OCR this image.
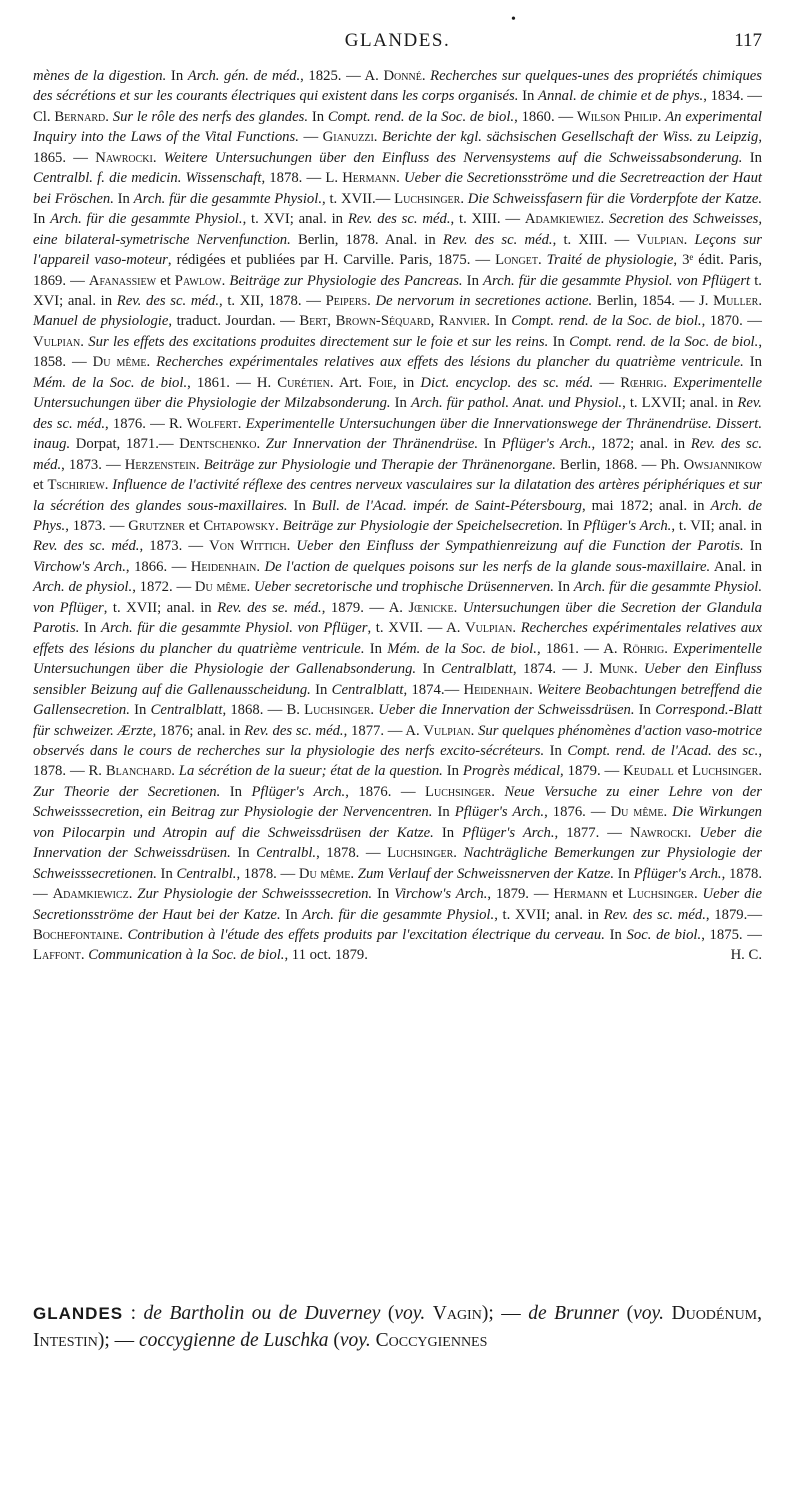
•
GLANDES.	117
mènes de la digestion. In Arch. gén. de méd., 1825. — A. Donné. Recherches sur quelques-unes des propriétés chimiques des sécrétions et sur les courants électriques qui existent dans les corps organisés. In Annal. de chimie et de phys., 1834. — Cl. Bernard. Sur le rôle des nerfs des glandes. In Compt. rend. de la Soc. de biol., 1860. — Wilson Philip. An experimental Inquiry into the Laws of the Vital Functions. — Gianuzzi. Berichte der kgl. sächsischen Gesellschaft der Wiss. zu Leipzig, 1865. — Nawrocki. Weitere Untersuchungen über den Einfluss des Nervensystems auf die Schweissabsonderung. In Centralbl. f. die medicin. Wissenschaft, 1878. — L. Hermann. Ueber die Secretionsströme und die Secretreaction der Haut bei Fröschen. In Arch. für die gesammte Physiol., t. XVII.— Luchsinger. Die Schweissfasern für die Vorderpfote der Katze. In Arch. für die gesammte Physiol., t. XVI; anal. in Rev. des sc. méd., t. XIII. — Adamkiewiez. Secretion des Schweisses, eine bilateral-symetrische Nervenfunction. Berlin, 1878. Anal. in Rev. des sc. méd., t. XIII. — Vulpian. Leçons sur l'appareil vaso-moteur, rédigées et publiées par H. Carville. Paris, 1875. — Longet. Traité de physiologie, 3ᵉ édit. Paris, 1869. — Afanassiew et Pawlow. Beiträge zur Physiologie des Pancreas. In Arch. für die gesammte Physiol. von Pflügert t. XVI; anal. in Rev. des sc. méd., t. XII, 1878. — Peipers. De nervorum in secretiones actione. Berlin, 1854. — J. Muller. Manuel de physiologie, traduct. Jourdan. — Bert, Brown-Séquard, Ranvier. In Compt. rend. de la Soc. de biol., 1870. — Vulpian. Sur les effets des excitations produites directement sur le foie et sur les reins. In Compt. rend. de la Soc. de biol., 1858. — Du même. Recherches expérimentales relatives aux effets des lésions du plancher du quatrième ventricule. In Mém. de la Soc. de biol., 1861. — H. Curétien. Art. Foie, in Dict. encyclop. des sc. méd. — Rœhrig. Experimentelle Untersuchungen über die Physiologie der Milzabsonderung. In Arch. für pathol. Anat. und Physiol., t. LXVII; anal. in Rev. des sc. méd., 1876. — R. Wolfert. Experimentelle Untersuchungen über die Innervationswege der Thränendrüse. Dissert. inaug. Dorpat, 1871.— Dentschenko. Zur Innervation der Thränendrüse. In Pflüger's Arch., 1872; anal. in Rev. des sc. méd., 1873. — Herzenstein. Beiträge zur Physiologie und Therapie der Thränenorgane. Berlin, 1868. — Ph. Owsjannikow et Tschiriew. Influence de l'activité réflexe des centres nerveux vasculaires sur la dilatation des artères périphériques et sur la sécrétion des glandes sous-maxillaires. In Bull. de l'Acad. impér. de Saint-Pétersbourg, mai 1872; anal. in Arch. de Phys., 1873. — Grutzner et Chtapowsky. Beiträge zur Physiologie der Speichelsecretion. In Pflüger's Arch., t. VII; anal. in Rev. des sc. méd., 1873. — Von Wittich. Ueber den Einfluss der Sympathienreizung auf die Function der Parotis. In Virchow's Arch., 1866. — Heidenhain. De l'action de quelques poisons sur les nerfs de la glande sous-maxillaire. Anal. in Arch. de physiol., 1872. — Du même. Ueber secretorische und trophische Drüsennerven. In Arch. für die gesammte Physiol. von Pflüger, t. XVII; anal. in Rev. des se. méd., 1879. — A. Jœnicke. Untersuchungen über die Secretion der Glandula Parotis. In Arch. für die gesammte Physiol. von Pflüger, t. XVII. — A. Vulpian. Recherches expérimentales relatives aux effets des lésions du plancher du quatrième ventricule. In Mém. de la Soc. de biol., 1861. — A. Röhrig. Experimentelle Untersuchungen über die Physiologie der Gallenabsonderung. In Centralblatt, 1874. — J. Munk. Ueber den Einfluss sensibler Beizung auf die Gallenausscheidung. In Centralblatt, 1874.— Heidenhain. Weitere Beobachtungen betreffend die Gallensecretion. In Centralblatt, 1868. — B. Luchsinger. Ueber die Innervation der Schweissdrüsen. In Correspond.-Blatt für schweizer. Ærzte, 1876; anal. in Rev. des sc. méd., 1877. — A. Vulpian. Sur quelques phénomènes d'action vaso-motrice observés dans le cours de recherches sur la physiologie des nerfs excito-sécréteurs. In Compt. rend. de l'Acad. des sc., 1878. — R. Blanchard. La sécrétion de la sueur; état de la question. In Progrès médical, 1879. — Keudall et Luchsinger. Zur Theorie der Secretionen. In Pflüger's Arch., 1876. — Luchsinger. Neue Versuche zu einer Lehre von der Schweisssecretion, ein Beitrag zur Physiologie der Nervencentren. In Pflüger's Arch., 1876. — Du même. Die Wirkungen von Pilocarpin und Atropin auf die Schweissdrüsen der Katze. In Pflüger's Arch., 1877. — Nawrocki. Ueber die Innervation der Schweissdrüsen. In Centralbl., 1878. — Luchsinger. Nachträgliche Bemerkungen zur Physiologie der Schweisssecretionen. In Centralbl., 1878. — Du même. Zum Verlauf der Schweissnerven der Katze. In Pflüger's Arch., 1878. — Adamkiewicz. Zur Physiologie der Schweisssecretion. In Virchow's Arch., 1879. — Hermann et Luchsinger. Ueber die Secretionsströme der Haut bei der Katze. In Arch. für die gesammte Physiol., t. XVII; anal. in Rev. des sc. méd., 1879.— Bochefontaine. Contribution à l'étude des effets produits par l'excitation électrique du cerveau. In Soc. de biol., 1875. — Laffont. Communication à la Soc. de biol., 11 oct. 1879.	H. C.
GLANDES : de Bartholin ou de Duverney (voy. Vagin); — de Brunner (voy. Duodénum, Intestin); — coccygienne de Luschka (voy. Coccygiennes
